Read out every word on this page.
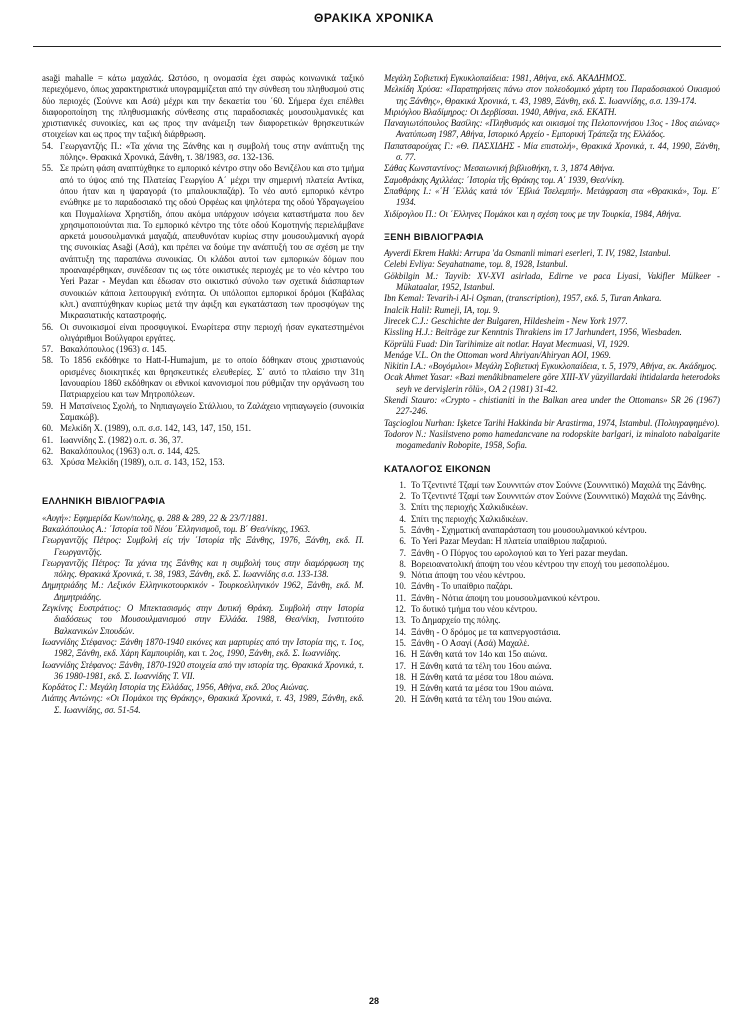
ΘΡΑΚΙΚΑ ΧΡΟΝΙΚΑ
asaği mahalle = κάτω μαχαλάς. Ωστόσο, η ονομασία έχει σαφώς κοινωνικά ταξικό περιεχόμενο, όπως χαρακτηριστικά υπογραμμίζεται από την σύνθεση του πληθυσμού στις δύο περιοχές (Σούννε και Ασά) μέχρι και την δεκαετία του ΄60. Σήμερα έχει επέλθει διαφοροποίηση της πληθυσμιακής σύνθεσης στις παραδοσιακές μουσουλμανικές και χριστιανικές συνοικίες, και ως προς την ανάμειξη των διαφορετικών θρησκευτικών στοιχείων και ως προς την ταξική διάρθρωση.
54. Γεωργαντζής Π.: «Τα χάνια της Ξάνθης και η συμβολή τους στην ανάπτυξη της πόλης». Θρακικά Χρονικά, Ξάνθη, τ. 38/1983, σσ. 132-136.
55. Σε πρώτη φάση αναπτύχθηκε το εμπορικό κέντρο στην οδο Βενιζέλου και στο τμήμα από το ύψος από της Πλατείας Γεωργίου Α΄ μέχρι την σημερινή πλατεία Αντίκα, όπου ήταν και η ψαραγορά (το μπαλουκπαζάρ). Το νέο αυτό εμπορικό κέντρο ενώθηκε με το παραδοσιακό της οδού Ορφέως και ψηλότερα της οδού Υδραγωγείου και Πυγμαλίωνα Χρηστίδη, όπου ακόμα υπάρχουν ισόγεια καταστήματα που δεν χρησιμοποιούνται πια. Το εμπορικό κέντρο της τότε οδού Κομοτηνής περιελάμβανε αρκετά μουσουλμανικά μαγαζιά, απευθυνόταν κυρίως στην μουσουλμανική αγορά της συνοικίας Asaği (Ασά), και πρέπει να δούμε την ανάπτυξή του σε σχέση με την ανάπτυξη της παραπάνω συνοικίας. Οι κλάδοι αυτοί των εμπορικών δόμων που προαναφέρθηκαν, συνέδεσαν τις ως τότε οικιστικές περιοχές με το νέο κέντρο του Yeri Pazar - Meydan και έδωσαν στο οικιστικό σύνολο των σχετικά διάσπαρτων συνοικιών κάποια λειτουργική ενότητα. Οι υπόλοιποι εμπορικοί δρόμοι (Καβάλας κλπ.) αναπτύχθηκαν κυρίως μετά την άφιξη και εγκατάσταση των προσφύγων της Μικρασιατικής καταστροφής.
56. Οι συνοικισμοί είναι προσφυγικοί. Ενωρίτερα στην περιοχή ήσαν εγκατεστημένοι ολιγάριθμοι Βούλγαροι εργάτες.
57. Βακαλόπουλος (1963) σ. 145.
58. Το 1856 εκδόθηκε το Hatt-I-Humajum, με το οποίο δόθηκαν στους χριστιανούς ορισμένες διοικητικές και θρησκευτικές ελευθερίες. Σ΄ αυτό το πλαίσιο την 31η Ιανουαρίου 1860 εκδόθηκαν οι εθνικοί κανονισμοί που ρύθμιζαν την οργάνωση του Πατριαρχείου και των Μητροπόλεων.
59. Η Ματσίνειος Σχολή, το Νηπιαγωγείο Στάλλιου, το Ζαλάχειο νηπιαγωγείο (συνοικία Σαμακώβ).
60. Μελκίδη Χ. (1989), ο.π. σ.σ. 142, 143, 147, 150, 151.
61. Ιωαννίδης Σ. (1982) ο.π. σ. 36, 37.
62. Βακαλόπουλος (1963) ο.π. σ. 144, 425.
63. Χρύσα Μελκίδη (1989), ο.π. σ. 143, 152, 153.
ΕΛΛΗΝΙΚΗ ΒΙΒΛΙΟΓΡΑΦΙΑ
«Αυγή»: Εφημερίδα Κων/πολης, φ. 288 & 289, 22 & 23/7/1881.
Βακαλόπουλος Α.: ΄Ιστορία τοῦ Νέου ΄Ελληνισμοῦ, τομ. Β΄ Θεσ/νίκης, 1963.
Γεωργαντζής Πέτρος: Συμβολή είς τήν ΄Ιστορία τῆς Ξάνθης, 1976, Ξάνθη, εκδ. Π. Γεωργαντζής.
Γεωργαντζής Πέτρος: Τα χάνια της Ξάνθης και η συμβολή τους στην διαμόρφωση της πόλης. Θρακικά Χρονικά, τ. 38, 1983, Ξάνθη, εκδ. Σ. Ιωαννίδης σ.σ. 133-138.
Δημητριάδης Μ.: Λεξικόν Ελληνικοτουρκικόν - Τουρκοελληνικόν 1962, Ξάνθη, εκδ. Μ. Δημητριάδης.
Ζεγκίνης Ευστράτιος: Ο Μπεκτασισμός στην Δυτική Θράκη. Συμβολή στην Ιστορία διαδόσεως του Μουσουλμανισμού στην Ελλάδα. 1988, Θεσ/νίκη, Ινστιτούτο Βαλκανικών Σπουδών.
Ιωαννίδης Στέφανος: Ξάνθη 1870-1940 εικόνες και μαρτυρίες από την Ιστορία της, τ. 1ος, 1982, Ξάνθη, εκδ. Χάρη Καμπουρίδη, και τ. 2ος, 1990, Ξάνθη, εκδ. Σ. Ιωαννίδης.
Ιωαννίδης Στέφανος: Ξάνθη, 1870-1920 στοιχεία από την ιστορία της. Θρακικά Χρονικά, τ. 36 1980-1981, εκδ. Σ. Ιωαννίδης Τ. VII.
Κορδάτος Γ.: Μεγάλη Ιστορία της Ελλάδας, 1956, Αθήνα, εκδ. 20ος Αιώνας.
Λιάπης Αντώνης: «Οι Πομάκοι της Θράκης», Θρακικά Χρονικά, τ. 43, 1989, Ξάνθη, εκδ. Σ. Ιωαννίδης, σσ. 51-54.
Μεγάλη Σοβιετική Εγκυκλοπαίδεια: 1981, Αθήνα, εκδ. ΑΚΑΔΗΜΟΣ.
Μελκίδη Χρύσα: «Παρατηρήσεις πάνω στον πολεοδομικό χάρτη του Παραδοσιακού Οικισμού της Ξάνθης», Θρακικά Χρονικά, τ. 43, 1989, Ξάνθη, εκδ. Σ. Ιωαννίδης, σ.σ. 139-174.
Μιριόγλου Βλαδίμηρος: Οι Δερβίσσαι. 1940, Αθήνα, εκδ. ΕΚΑΤΗ.
Παναγιωτόπουλος Βασίλης: «Πληθυσμός και οικισμοί της Πελοποννήσου 13ος - 18ος αιώνας» Ανατύπωση 1987, Αθήνα, Ιστορικό Αρχείο - Εμπορική Τράπεζα της Ελλάδος.
Παπατσαρούχας Γ.: «Θ. ΠΑΣΧΙΔΗΣ - Μία επιστολή», Θρακικά Χρονικά, τ. 44, 1990, Ξάνθη, σ. 77.
Σάθας Κωνσταντίνος: Μεσαιωνική βιβλιοθήκη, τ. 3, 1874 Αθήνα.
Σαμοθράκης Αχιλλέας: ΄Ιστορία τῆς Θράκης τομ. Α΄ 1939, Θεσ/νίκη.
Σπαθάρης Ι.: «΄Η ΄Ελλάς κατά τόν ΄Εβλιά Τσελεμπή». Μετάφραση στα «Θρακικά», Τομ. Ε΄ 1934.
Χιδίρογλου Π.: Οι ΄Ελληνες Πομάκοι και η σχέση τους με την Τουρκία, 1984, Αθήνα.
ΞΕΝΗ ΒΙΒΛΙΟΓΡΑΦΙΑ
Ayverdi Ekrem Hakki: Arrupa 'da Osmanli mimari eserleri, T. IV, 1982, Istanbul.
Celebi Evliya: Seyahatname, τομ. 8, 1928, Istanbul.
Gökbilgin M.: Tayvib: XV-XVI asirlada, Edirne ve paca Liyasi, Vakifler Mülkeer - Mükataalar, 1952, Istanbul.
Ibn Kemal: Tevarih-i Al-i Oşman, (transcription), 1957, εκδ. 5, Turan Ankara.
Inalcik Halil: Rumeji, IA, τομ. 9.
Jirecek C.J.: Geschichte der Bulgaren, Hildesheim - New York 1977.
Kissling H.J.: Beiträge zur Kenntnis Thrakiens im 17 Jarhundert, 1956, Wiesbaden.
Köprülü Fuad: Din Tarihimize ait notlar. Hayat Mecmuasi, VI, 1929.
Menáge V.L. On the Ottoman word Ahriyan/Ahiryan AOI, 1969.
Nikitin I.A.: «Βογόμιλοι» Μεγάλη Σοβιετική Εγκυκλοπαίδεια, τ. 5, 1979, Αθήνα, εκ. Ακάδημος.
Ocak Ahmet Yasar: «Bazi menâkibnamelere göre XIII-XV yüzyillardaki ihtidalarda heterodoks seyh ve dervişlerin rölü», OA 2 (1981) 31-42.
Skendi Stauro: «Crypto - chistianiti in the Balkan area under the Ottomans» SR 26 (1967) 227-246.
Taşcioglou Nurhan: Işketce Tarihi Hakkinda bir Arastirma, 1974, Istambul. (Πολυγραφημένο).
Todorov N.: Nasilstveno pomo hamedancvane na rodopskite barlgari, iz minaloto nabalgarite mogamedaniv Robopite, 1958, Sofia.
ΚΑΤΑΛΟΓΟΣ ΕΙΚΟΝΩΝ
1. Το Τζεντιντέ Τζαμί των Σουννιτών στον Σούννε (Σουννιτικό) Μαχαλά της Ξάνθης.
2. Το Τζεντιντέ Τζαμί των Σουννιτών στον Σούννε (Σουννιτικό) Μαχαλά της Ξάνθης.
3. Σπίτι της περιοχής Χαλκιδικέων.
4. Σπίτι της περιοχής Χαλκιδικέων.
5. Ξάνθη - Σχηματική αναπαράσταση του μουσουλμανικού κέντρου.
6. Το Yeri Pazar Meydan: Η πλατεία υπαίθριου παζαριού.
7. Ξάνθη - Ο Πύργος του ωρολογιού και το Yeri pazar meydan.
8. Βορειοανατολική άποψη του νέου κέντρου την εποχή του μεσοπολέμου.
9. Νότια άποψη του νέου κέντρου.
10. Ξάνθη - Το υπαίθριο παζάρι.
11. Ξάνθη - Νότια άποψη του μουσουλμανικού κέντρου.
12. Το δυτικό τμήμα του νέου κέντρου.
13. Το Δημαρχείο της πόλης.
14. Ξάνθη - Ο δρόμος με τα καπνεργοστάσια.
15. Ξάνθη - Ο Ασαγί (Ασά) Μαχαλέ.
16. Η Ξάνθη κατά τον 14ο και 15ο αιώνα.
17. Η Ξάνθη κατά τα τέλη του 16ου αιώνα.
18. Η Ξάνθη κατά τα μέσα του 18ου αιώνα.
19. Η Ξάνθη κατά τα μέσα του 19ου αιώνα.
20. Η Ξάνθη κατά τα τέλη του 19ου αιώνα.
28
